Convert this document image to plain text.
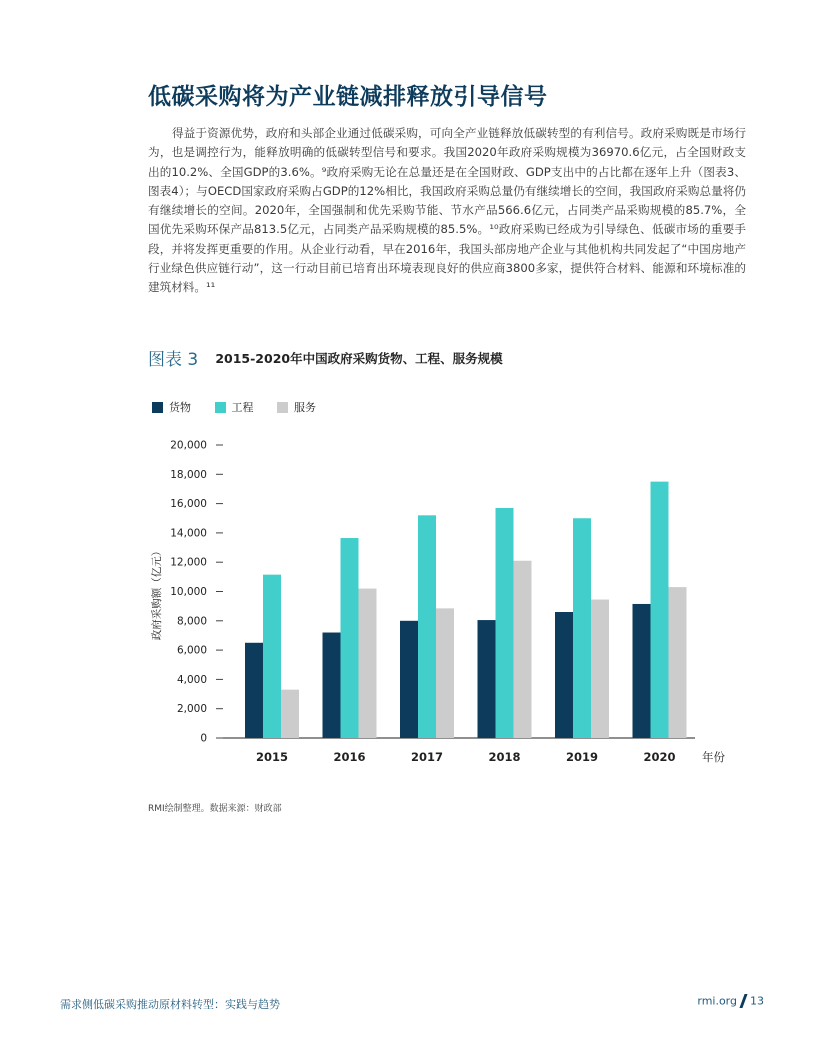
低碳采购将为产业链减排释放引导信号

得益于资源优势，政府和头部企业通过低碳采购，可向全产业链释放低碳转型的有利信号。政府采购既是市场行为，也是调控行为，能释放明确的低碳转型信号和要求。我国2020年政府采购规模为36970.6亿元，占全国财政支出的10.2%、全国GDP的3.6%。⁹政府采购无论在总量还是在全国财政、GDP支出中的占比都在逐年上升（图表3、图表4）；与OECD国家政府采购占GDP的12%相比，我国政府采购总量仍有继续增长的空间，我国政府采购总量将仍有继续增长的空间。2020年，全国强制和优先采购节能、节水产品566.6亿元，占同类产品采购规模的85.7%，全国优先采购环保产品813.5亿元，占同类产品采购规模的85.5%。¹⁰政府采购已经成为引导绿色、低碳市场的重要手段，并将发挥更重要的作用。从企业行动看，早在2016年，我国头部房地产企业与其他机构共同发起了“中国房地产行业绿色供应链行动”，这一行动目前已培育出环境表现良好的供应商3800多家，提供符合材料、能源和环境标准的建筑材料。¹¹

图表 3 2015-2020年中国政府采购货物、工程、服务规模
货物	工程	服务
政府采购额（亿元）
年份
0
2,000
4,000
6,000
8,000
10,000
12,000
14,000
16,000
18,000
20,000
2015	2016	2017	2018	2019	2020
RMI绘制整理。数据来源：财政部
需求侧低碳采购推动原材料转型：实践与趋势	rmi.org 13
